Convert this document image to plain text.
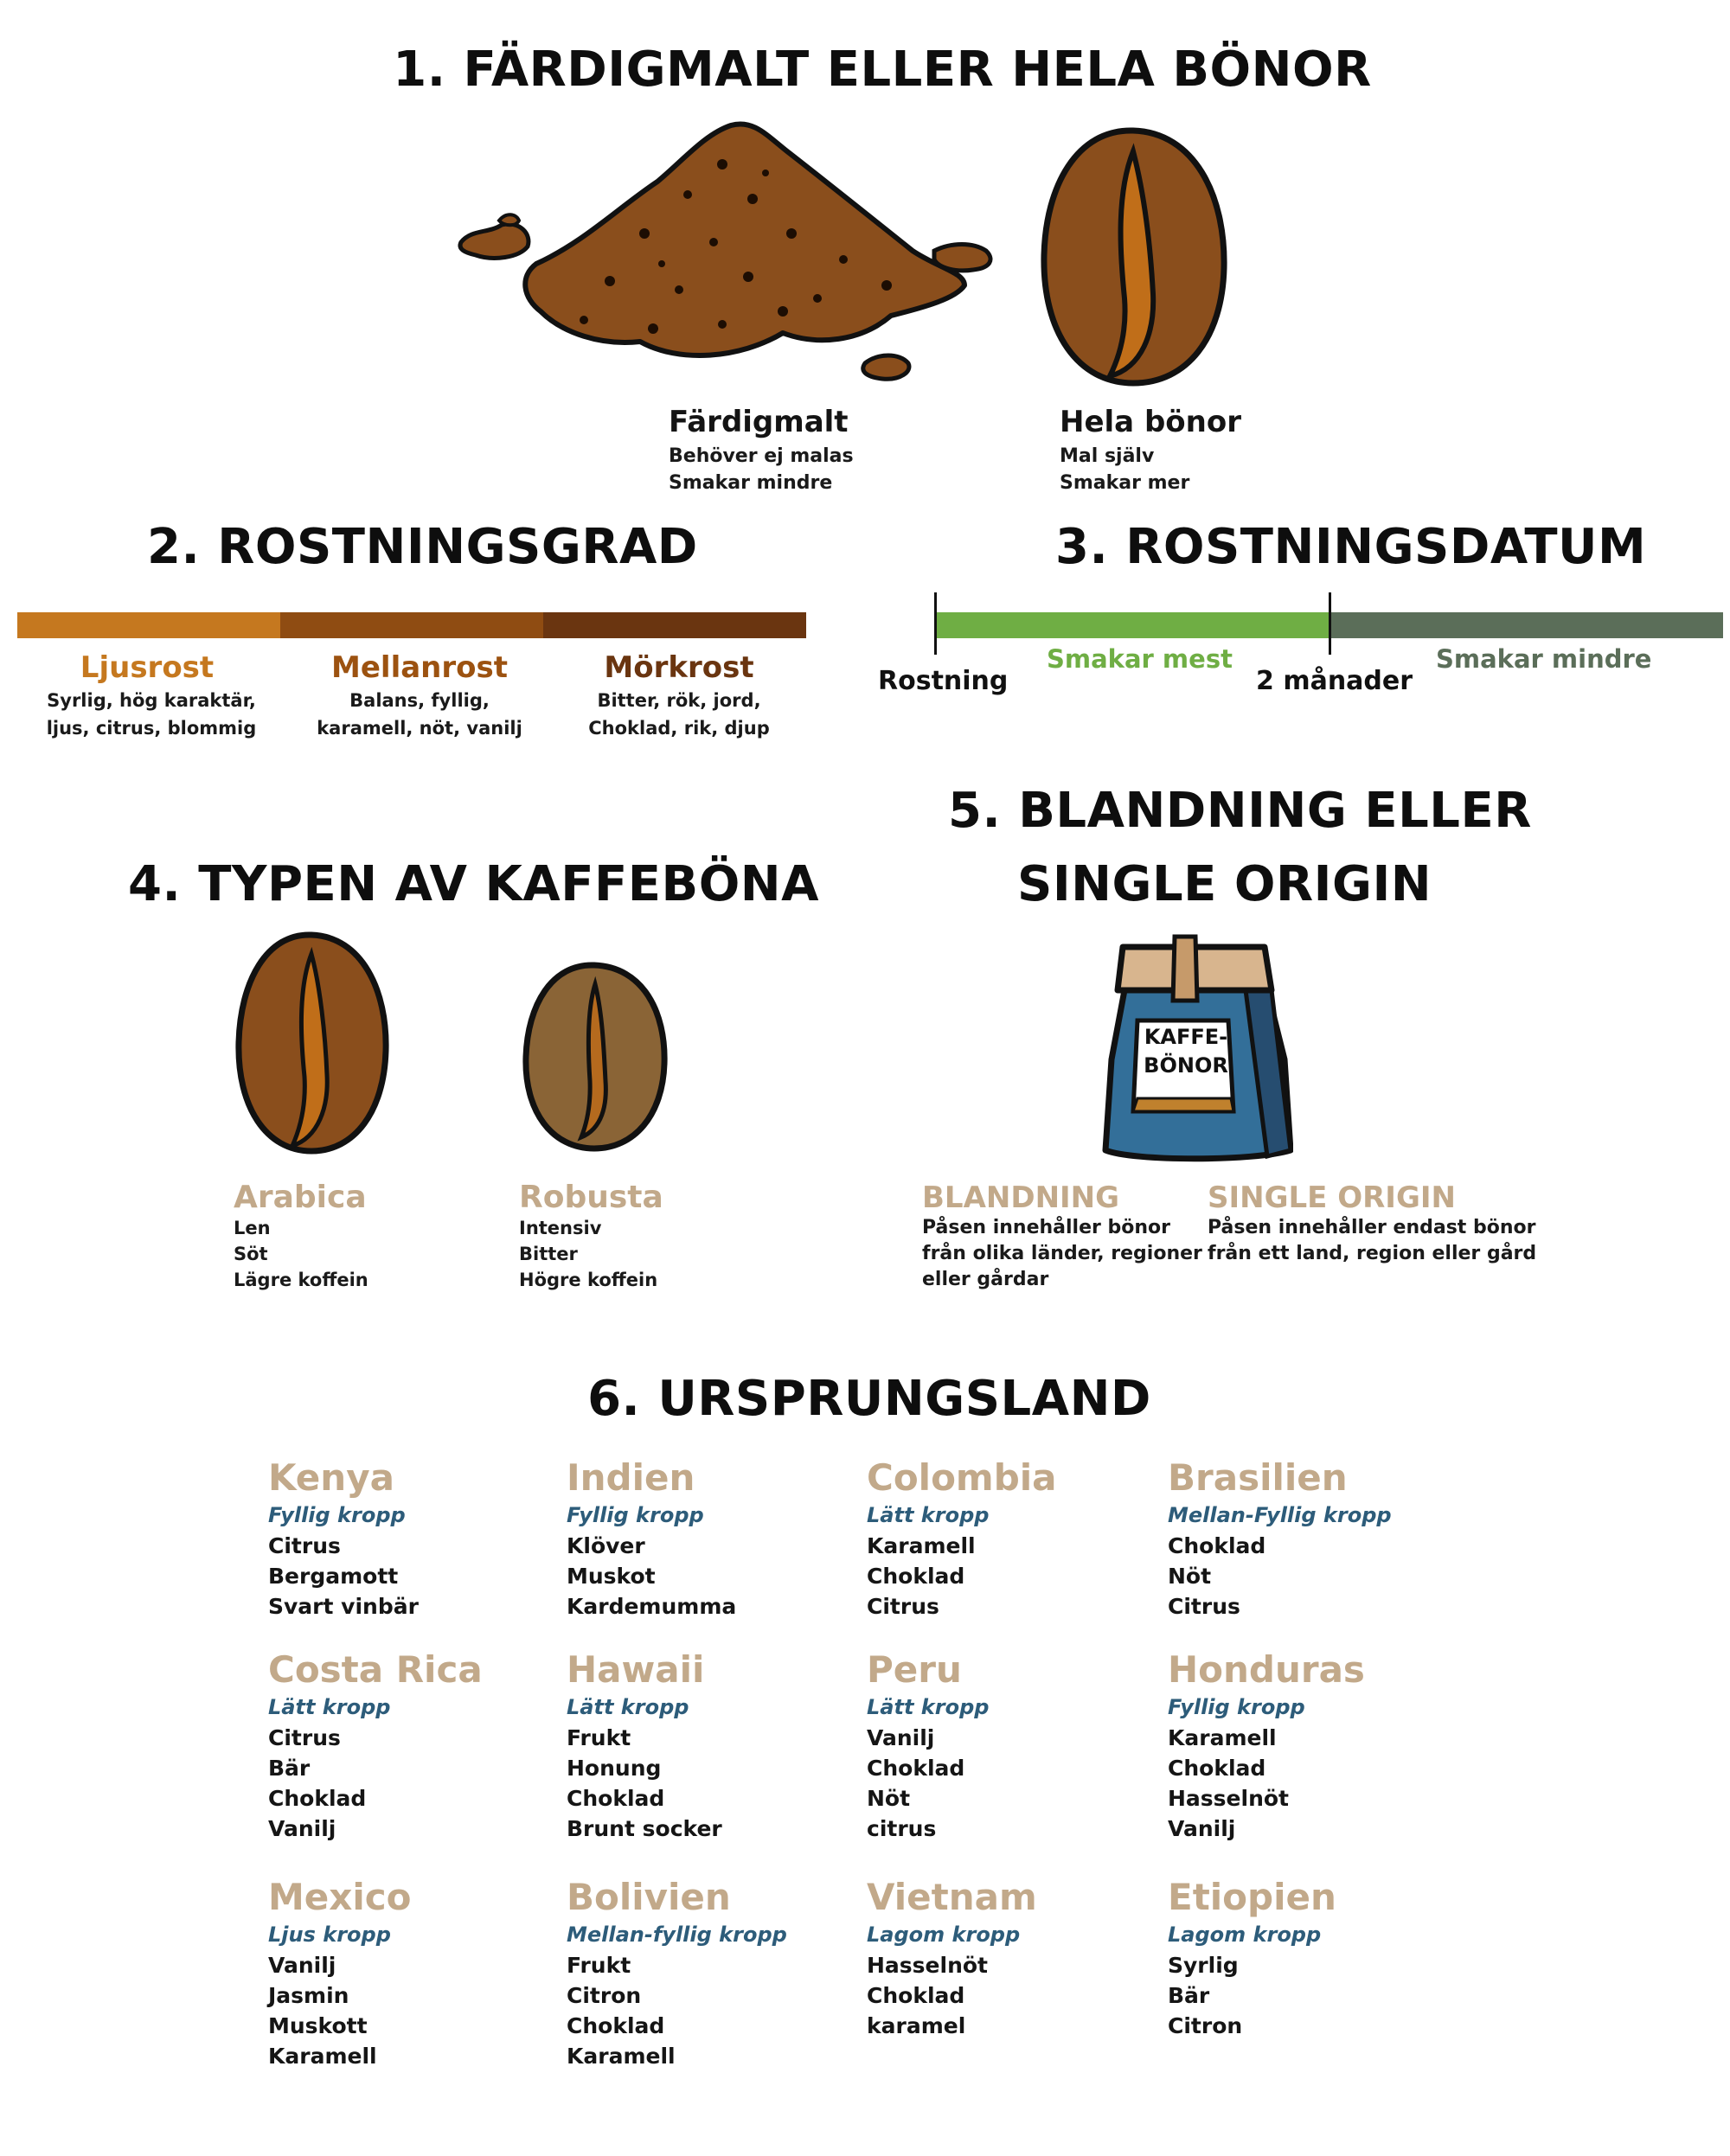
1. FÄRDIGMALT ELLER HELA BÖNOR
Färdigmalt
Behöver ej malas
Smakar mindre
Hela bönor
Mal själv
Smakar mer
2. ROSTNINGSGRAD
Ljusrost
Syrlig, hög karaktär,
ljus, citrus, blommig
Mellanrost
Balans, fyllig,
karamell, nöt, vanilj
Mörkrost
Bitter, rök, jord,
Choklad, rik, djup
3. ROSTNINGSDATUM
Smakar mest	Smakar mindre
Rostning	2 månader
4. TYPEN AV KAFFEBÖNA
Arabica
Len
Söt
Lägre koffein
Robusta
Intensiv
Bitter
Högre koffein
5. BLANDNING ELLER
SINGLE ORIGIN
KAFFE-
BÖNOR
BLANDNING
Påsen innehåller bönor
från olika länder, regioner
eller gårdar
SINGLE ORIGIN
Påsen innehåller endast bönor
från ett land, region eller gård
6. URSPRUNGSLAND
Kenya
Fyllig kropp
Citrus
Bergamott
Svart vinbär
Indien
Fyllig kropp
Klöver
Muskot
Kardemumma
Colombia
Lätt kropp
Karamell
Choklad
Citrus
Brasilien
Mellan-Fyllig kropp
Choklad
Nöt
Citrus
Costa Rica
Lätt kropp
Citrus
Bär
Choklad
Vanilj
Hawaii
Lätt kropp
Frukt
Honung
Choklad
Brunt socker
Peru
Lätt kropp
Vanilj
Choklad
Nöt
citrus
Honduras
Fyllig kropp
Karamell
Choklad
Hasselnöt
Vanilj
Mexico
Ljus kropp
Vanilj
Jasmin
Muskott
Karamell
Bolivien
Mellan-fyllig kropp
Frukt
Citron
Choklad
Karamell
Vietnam
Lagom kropp
Hasselnöt
Choklad
karamel
Etiopien
Lagom kropp
Syrlig
Bär
Citron
